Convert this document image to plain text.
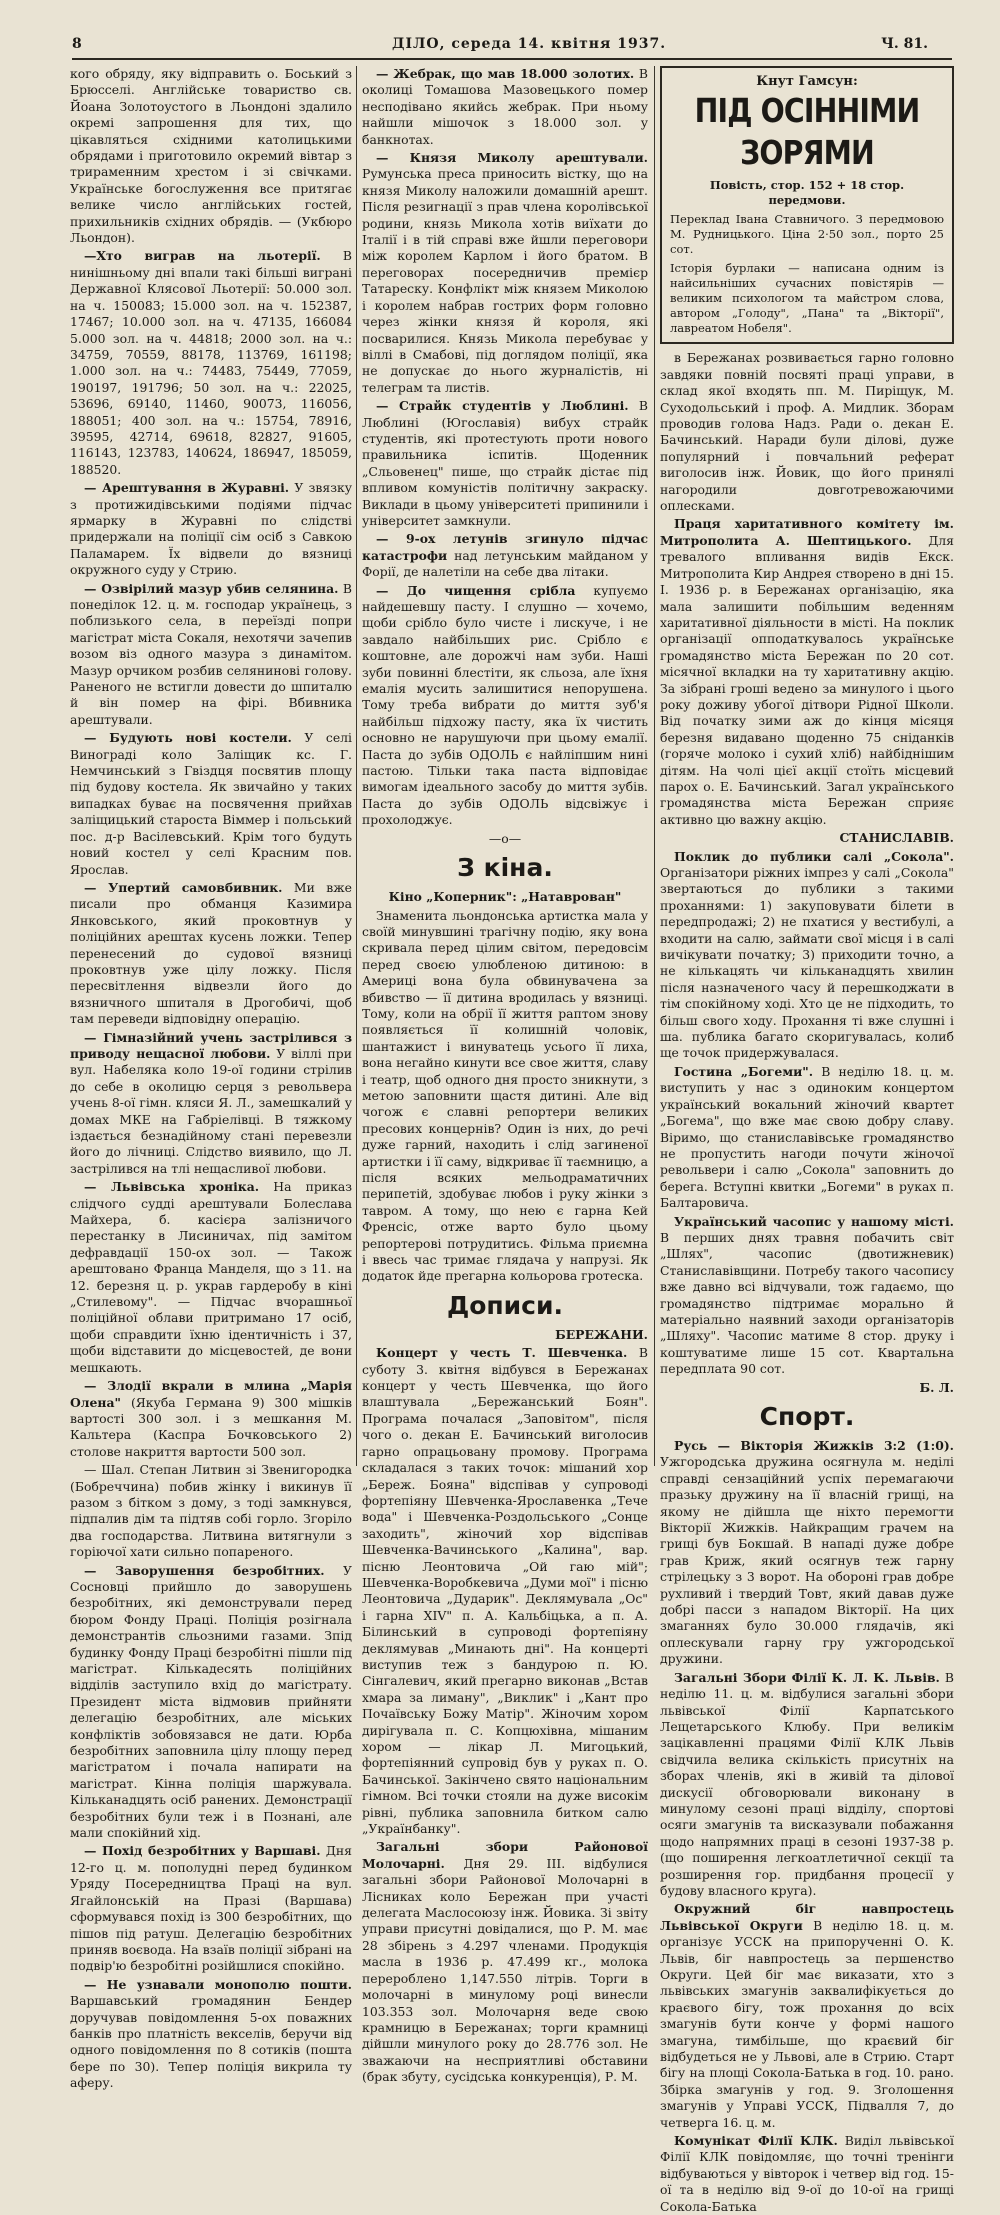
8	ДІЛО, середа 14. квітня 1937.	Ч. 81.

кого обряду, яку відправить о. Боський з Брюсселі. Англійське товариство св. Йоана Золотоустого в Льондоні здалило окремі запрошення для тих, що цікавляться східними католицькими обрядами і приготовило окремий вівтар з трираменним хрестом і зі свічками. Українське богослуження все притягає велике число англійських гостей, прихильників східних обрядів. — (Укбюро Льондон).

—Хто виграв на льотерії. В нинішньому дні впали такі більші виграні Державної Клясової Льотерії: 50.000 зол. на ч. 150083; 15.000 зол. на ч. 152387, 17467; 10.000 зол. на ч. 47135, 166084 5.000 зол. на ч. 44818; 2000 зол. на ч.: 34759, 70559, 88178, 113769, 161198; 1.000 зол. на ч.: 74483, 75449, 77059, 190197, 191796; 50 зол. на ч.: 22025, 53696, 69140, 11460, 90073, 116056, 188051; 400 зол. на ч.: 15754, 78916, 39595, 42714, 69618, 82827, 91605, 116143, 123783, 140624, 186947, 185059, 188520.

— Арештування в Журавні. У звязку з протижидівськими подіями підчас ярмарку в Журавні по слідстві придержали на поліції сім осіб з Савкою Паламарем. Їх відвели до вязниці окружного суду у Стрию.

— Озвірілий мазур убив селянина. В понеділок 12. ц. м. господар українець, з поблизького села, в переїзді попри магістрат міста Сокаля, нехотячи зачепив возом віз одного мазура з динамітом. Мазур орчиком розбив селянинові голову. Раненого не встигли довести до шпиталю й він помер на фірі. Вбивника арештували.

— Будують нові костели. У селі Винограді коло Заліщик кс. Г. Немчинський з Гвіздця посвятив площу під будову костела. Як звичайно у таких випадках буває на посвячення прийхав заліщицький староста Віммер і польський пос. д-р Васілевський. Крім того будуть новий костел у селі Красним пов. Ярослав.

— Упертий самовбивник. Ми вже писали про обманця Казимира Янковського, який проковтнув у поліційних арештах кусень ложки. Тепер перенесений до судової вязниці проковтнув уже цілу ложку. Після пересвітлення відвезли його до вязничного шпиталя в Дрогобичі, щоб там переведи відповідну операцію.

— Гімназійний учень застрілився з приводу нещасної любови. У віллі при вул. Набеляка коло 19-ої години стрілив до себе в околицю серця з револьвера учень 8-ої гімн. кляси Я. Л., замешкалий у домах МКЕ на Габріелівці. В тяжкому іздається безнадійному стані перевезли його до лічниці. Слідство виявило, що Л. застрілився на тлі нещасливої любови.

— Львівська хроніка. На приказ слідчого судді арештували Болеслава Майхера, б. касієра залізничого перестанку в Лисиничах, під замітом дефравдації 150-ох зол. — Також арештовано Франца Манделя, що з 11. на 12. березня ц. р. украв гардеробу в кіні „Стилевому". — Підчас вчорашньої поліційної облави притримано 17 осіб, щоби справдити їхню ідентичність і 37, щоби відставити до місцевостей, де вони мешкають.

— Злодії вкрали в млина „Марія Олена" (Якуба Германа 9) 300 мішків вартості 300 зол. і з мешкання М. Кальтера (Каспра Бочковського 2) столове накриття вартости 500 зол.

— Шал. Степан Литвин зі Звенигородка (Бобреччина) побив жінку і викинув її разом з бітком з дому, з тоді замкнувся, підпалив дім та підтяв собі горло. Згоріло два господарства. Литвина витягнули з горіючої хати сильно попареного.

— Заворушення безробітних. У Сосновці прийшло до заворушень безробітних, які демонстрували перед бюром Фонду Праці. Поліція розігнала демонстрантів сльозними газами. Зпід будинку Фонду Праці безробітні пішли під магістрат. Кількадесять поліційних відділів заступило вхід до магістрату. Президент міста відмовив прийняти делегацію безробітних, але міських конфліктів зобовязався не дати. Юрба безробітних заповнила цілу площу перед магістратом і почала напирати на магістрат. Кінна поліція шаржувала. Кільканадцять осіб ранених. Демонстрації безробітних були теж і в Познані, але мали спокійний хід.

— Похід безробітних у Варшаві. Дня 12-го ц. м. пополудні перед будинком Уряду Посередництва Праці на вул. Ягайлонській на Празі (Варшава) сформувався похід із 300 безробітних, що пішов під ратуш. Делегацію безробітних приняв воєвода. На взаїв поліції зібрані на подвір'ю безробітні розійшлися спокійно.

— Не узнавали монополю пошти. Варшавський громадянин Бендер доручував повідомлення 5-ох поважних банків про платність векселів, беручи від одного повідомлення по 8 сотиків (пошта бере по 30). Тепер поліція викрила ту аферу.

— Жебрак, що мав 18.000 золотих. В околиці Томашова Мазовецького помер несподівано якийсь жебрак. При ньому найшли мішочок з 18.000 зол. у банкнотах.

— Князя Миколу арештували. Румунська преса приносить вістку, що на князя Миколу наложили домашній арешт. Після резигнації з прав члена королівської родини, князь Микола хотів виїхати до Італії і в тій справі вже йшли переговори між королем Карлом і його братом. В переговорах посередничив премієр Татареску. Конфлікт між князем Миколою і королем набрав гострих форм головно через жінки князя й короля, які посварилися. Князь Микола перебуває у віллі в Смабові, під доглядом поліції, яка не допускає до нього журналістів, ні телеграм та листів.

— Страйк студентів у Люблині. В Люблині (Югославія) вибух страйк студентів, які протестують проти нового правильника іспитів. Щоденник „Сльовенец" пише, що страйк дістає під впливом комуністів політичну закраску. Виклади в цьому університеті припинили і університет замкнули.

— 9-ох летунів згинуло підчас катастрофи над летунським майданом у Форії, де налетіли на себе два літаки.

— До чищення срібла купуємо найдешевшу пасту. І слушно — хочемо, щоби срібло було чисте і лискуче, і не завдало найбільших рис. Срібло є коштовне, але дорожчі нам зуби. Наші зуби повинні блестіти, як сльоза, але їхня емалія мусить залишитися непорушена. Тому треба вибрати до миття зуб'я найбільш підхожу пасту, яка їх чистить основно не нарушуючи при цьому емалії. Паста до зубів ОДОЛЬ є найліпшим нині пастою. Тільки така паста відповідає вимогам ідеального засобу до миття зубів. Паста до зубів ОДОЛЬ відсвіжує і прохолоджує.

—o—
З кіна.
Кіно „Коперник": „Натаврован"

Знаменита льондонська артистка мала у своїй минувшині трагічну подію, яку вона скривала перед цілим світом, передовсім перед своєю улюбленою дитиною: в Америці вона була обвинувачена за вбивство — її дитина вродилась у вязниці. Тому, коли на обрії її життя раптом знову появляється її колишній чоловік, шантажист і винуватець усього її лиха, вона негайно кинути все свое життя, славу і театр, щоб одного дня просто зникнути, з метою заповнити щастя дитині. Але від чогож є славні репортери великих пресових концернів? Один із них, до речі дуже гарний, находить і слід загиненої артистки і її саму, відкриває її таємницю, а після всяких мельодраматичних перипетій, здобуває любов і руку жінки з тавром. А тому, що нею є гарна Кей Френсіс, отже варто було цьому репортерові потрудитись. Фільма приємна і ввесь час тримає глядача у напрузі. Як додаток йде прегарна кольорова гротеска.

Дописи.
БЕРЕЖАНИ.

Концерт у честь Т. Шевченка. В суботу 3. квітня відбувся в Бережанах концерт у честь Шевченка, що його влаштувала „Бережанський Боян". Програма почалася „Заповітом", після чого о. декан Е. Бачинський виголосив гарно опрацьовану промову. Програма складалася з таких точок: мішаний хор „Береж. Бояна" відспівав у супроводі фортепіяну Шевченка-Ярославенка „Тече вода" і Шевченка-Роздольського „Сонце заходить", жіночий хор відспівав Шевченка-Вачинського „Калина", вар. пісню Леонтовича „Ой гаю мій"; Шевченка-Воробкевича „Думи мої" і пісню Леонтовича „Дударик". Деклямувала „Ос" і гарна XIV" п. А. Кальбіцька, а п. А. Білинський в супроводі фортепіяну деклямував „Минають дні". На концерті виступив теж з бандурою п. Ю. Сінгалевич, який прегарно виконав „Встав хмара за лиману", „Виклик" і „Кант про Почаївську Божу Матір". Жіночим хором дирігувала п. С. Копцюхівна, мішаним хором — лікар Л. Мигоцький, фортепіянний супровід був у руках п. О. Бачинської. Закінчено свято національним гімном. Всі точки стояли на дуже високім рівні, публика заповнила битком салю „Українбанку".

Загальні збори Районової Молочарні. Дня 29. ІІІ. відбулися загальні збори Районової Молочарні в Лісниках коло Бережан при участі делегата Маслосоюзу інж. Йовика. Зі звіту управи присутні довідалися, що Р. М. має 28 збірень з 4.297 членами. Продукція масла в 1936 р. 47.499 кг., молока перероблено 1,147.550 літрів. Торги в молочарні в минулому році винесли 103.353 зол. Молочарня веде свою крамницю в Бережанах; торги крамниці дійшли минулого року до 28.776 зол. Не зважаючи на несприятливі обставини (брак збуту, сусідська конкуренція), Р. М.

Кнут Гамсун:
ПІД ОСІННІМИ ЗОРЯМИ
Повість, стор. 152 + 18 стор. передмови.
Переклад Івана Ставничого. З передмовою М. Рудницького. Ціна 2·50 зол., порто 25 сот.
Історія бурлаки — написана одним із найсильніших сучасних повістярів — великим психологом та майстром слова, автором „Голоду", „Пана" та „Вікторії", лавреатом Нобеля".

в Бережанах розвивається гарно головно завдяки повній посвяті праці управи, в склад якої входять пп. М. Пиріщук, М. Суходольський і проф. А. Мидлик. Зборам проводив голова Надз. Ради о. декан Е. Бачинський. Наради були ділові, дуже популярний і повчальний реферат виголосив інж. Йовик, що його принялі нагородили довготревожаючими оплесками.

Праця харитативного комітету ім. Митрополита А. Шептицького. Для тревалого впливання видів Екск. Митрополита Кир Андрея створено в дні 15. І. 1936 р. в Бережанах організацію, яка мала залишити побільшим веденням харитативної діяльности в місті. На поклик організації опподаткувалось українське громадянство міста Бережан по 20 сот. місячної вкладки на ту харитативну акцію. За зібрані гроші ведено за минулого і цього року доживу убогої дітвори Рідної Школи. Від початку зими аж до кінця місяця березня видавано щоденно 75 сніданків (горяче молоко і сухий хліб) найбіднішим дітям. На чолі цієї акції стоїть місцевий парох о. Е. Бачинський. Загал українського громадянства міста Бережан сприяє активно цю важну акцію.

СТАНИСЛАВІВ.

Поклик до публики салі „Сокола". Організатори ріжних імпрез у салі „Сокола" звертаються до публики з такими проханнями: 1) закуповувати білети в передпродажі; 2) не пхатися у вестибулі, а входити на салю, займати свої місця і в салі вичікувати початку; 3) приходити точно, а не кількацять чи кільканадцять хвилин після назначеного часу й перешкоджати в тім спокійному ході. Хто це не підходить, то більш свого ходу. Прохання ті вже слушні і ша. публика багато скоригувалась, колиб ще точок придержувалася.

Гостина „Богеми". В неділю 18. ц. м. виступить у нас з одиноким концертом український вокальний жіночий квартет „Богема", що вже має свою добру славу. Віримо, що станиславівське громадянство не пропустить нагоди почути жіночої револьвери і салю „Сокола" заповнить до берега. Вступні квитки „Богеми" в руках п. Балтаровича.

Український часопис у нашому місті. В перших днях травня побачить світ „Шлях", часопис (двотижневик) Станиславівщини. Потребу такого часопису вже давно всі відчували, тож гадаємо, що громадянство підтримає морально й матеріально наявний заходи організаторів „Шляху". Часопис матиме 8 стор. друку і коштуватиме лише 15 сот. Квартальна передплата 90 сот.

Б. Л.
Спорт.

Русь — Вікторія Жижків 3:2 (1:0). Ужгородська дружина осягнула м. неділі справді сензаційний успіх перемагаючи празьку дружину на її власній грищі, на якому не дійшла ще ніхто перемогти Вікторії Жижків. Найкращим грачем на грищі був Бокшай. В нападі дуже добре грав Криж, який осягнув теж гарну стрілецьку з 3 ворот. На обороні грав добре рухливий і твердий Товт, який давав дуже добрі пасси з нападом Вікторії. На цих змаганнях було 30.000 глядачів, які оплескували гарну гру ужгородської дружини.

Загальні Збори Філії К. Л. К. Львів. В неділю 11. ц. м. відбулися загальні збори львівської Філії Карпатського Лещетарського Клюбу. При великім зацікавленні працями Філії КЛК Львів свідчила велика скількість присутніх на зборах членів, які в живій та ділової дискусії обговорювали виконану в минулому сезоні праці відділу, спортові осяги змагунів та висказували побажання щодо напрямних праці в сезоні 1937-38 р. (що поширення легкоатлетичної секції та розширення гор. придбання процесії у будову власного круга).

Окружний біг навпростець Львівської Округи В неділю 18. ц. м. організує УССК на припорученні О. К. Львів, біг навпростець за першенство Округи. Цей біг має виказати, хто з львівських змагунів заквалифікується до краєвого бігу, тож прохання до всіх змагунів бути конче у формі нашого змагуна, тимбільше, що краєвий біг відбудеться не у Львові, але в Стрию. Старт бігу на площі Сокола-Батька в год. 10. рано. Збірка змагунів у год. 9. Зголошення змагунів у Управі УССК, Підвалля 7, до четверга 16. ц. м.

Комунікат Філії КЛК. Виділ львівської Філії КЛК повідомляє, що точні тренінги відбуваються у вівторок і четвер від год. 15-ої та в неділю від 9-ої до 10-ої на грищі Сокола-Батька
